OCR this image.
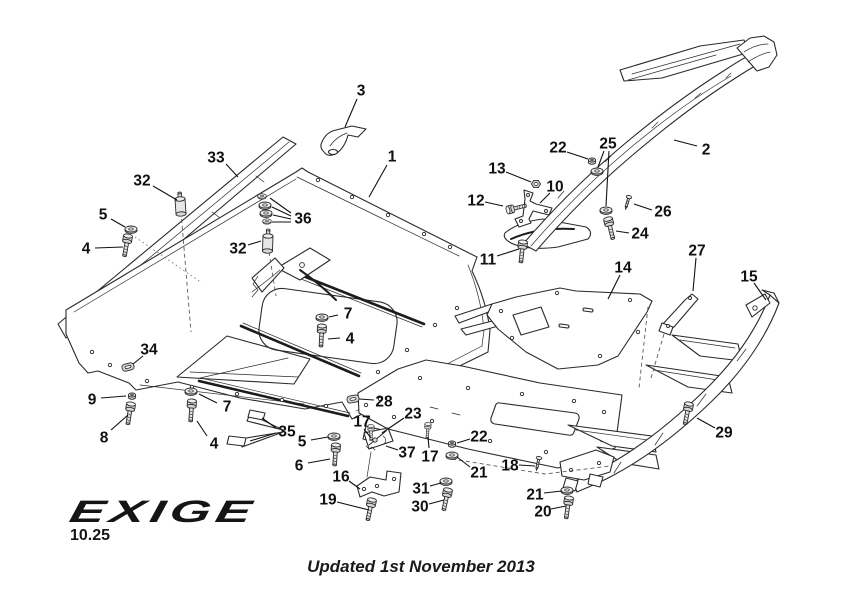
3
33
32
5
4
36
32
1
22 25
13
10
12
26
24
11
2
27
14
15
7
4
34
9
8
7
4
35
5
6
28
17 23
37 17
22
21 18
31
30
16
19	21
20
29
EXIGE
10.25
Updated 1st November 2013
